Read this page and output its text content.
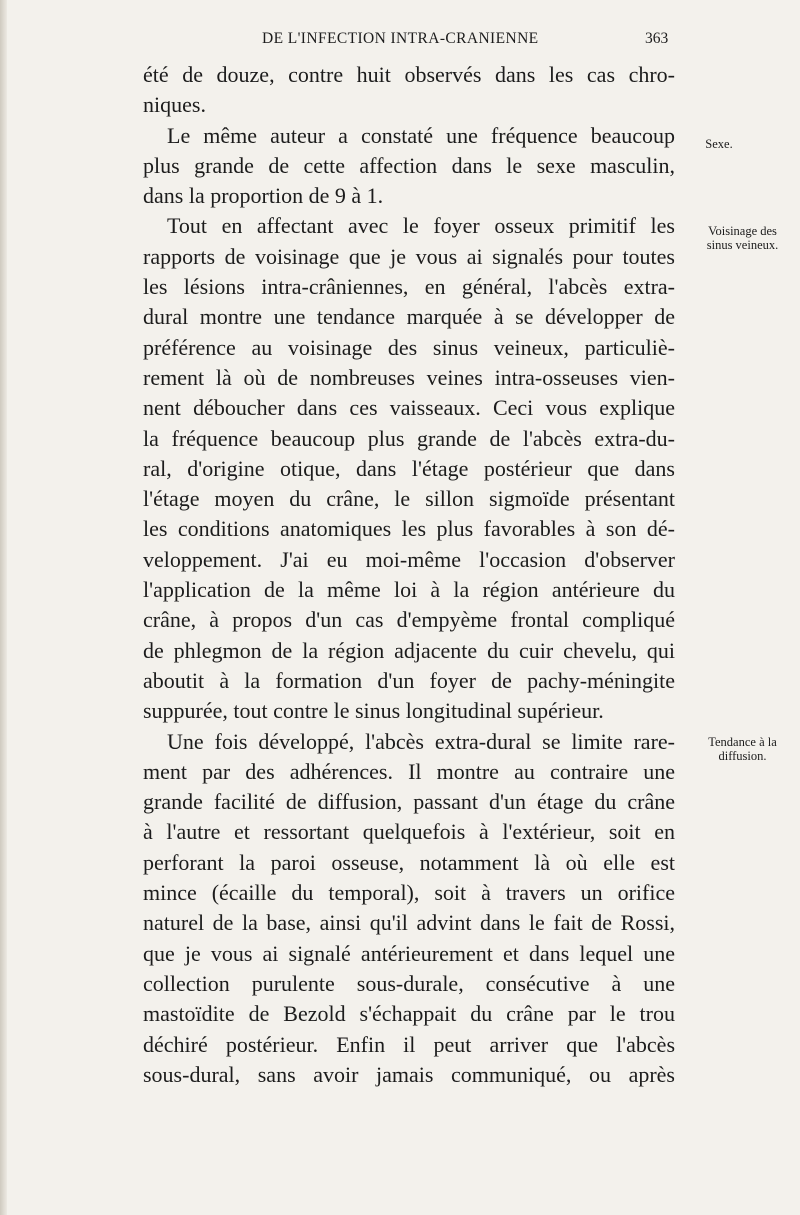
DE L'INFECTION INTRA-CRANIENNE	363
été de douze, contre huit observés dans les cas chro-
niques.
Le même auteur a constaté une fréquence beaucoup
plus grande de cette affection dans le sexe masculin,
dans la proportion de 9 à 1.
Tout en affectant avec le foyer osseux primitif les
rapports de voisinage que je vous ai signalés pour toutes
les lésions intra-crâniennes, en général, l'abcès extra-
dural montre une tendance marquée à se développer de
préférence au voisinage des sinus veineux, particuliè-
rement là où de nombreuses veines intra-osseuses vien-
nent déboucher dans ces vaisseaux. Ceci vous explique
la fréquence beaucoup plus grande de l'abcès extra-du-
ral, d'origine otique, dans l'étage postérieur que dans
l'étage moyen du crâne, le sillon sigmoïde présentant
les conditions anatomiques les plus favorables à son dé-
veloppement. J'ai eu moi-même l'occasion d'observer
l'application de la même loi à la région antérieure du
crâne, à propos d'un cas d'empyème frontal compliqué
de phlegmon de la région adjacente du cuir chevelu, qui
aboutit à la formation d'un foyer de pachy-méningite
suppurée, tout contre le sinus longitudinal supérieur.
Une fois développé, l'abcès extra-dural se limite rare-
ment par des adhérences. Il montre au contraire une
grande facilité de diffusion, passant d'un étage du crâne
à l'autre et ressortant quelquefois à l'extérieur, soit en
perforant la paroi osseuse, notamment là où elle est
mince (écaille du temporal), soit à travers un orifice
naturel de la base, ainsi qu'il advint dans le fait de Rossi,
que je vous ai signalé antérieurement et dans lequel une
collection purulente sous-durale, consécutive à une
mastoïdite de Bezold s'échappait du crâne par le trou
déchiré postérieur. Enfin il peut arriver que l'abcès
sous-dural, sans avoir jamais communiqué, ou après
Sexe.
Voisinage des
sinus veineux.
Tendance à la
diffusion.
